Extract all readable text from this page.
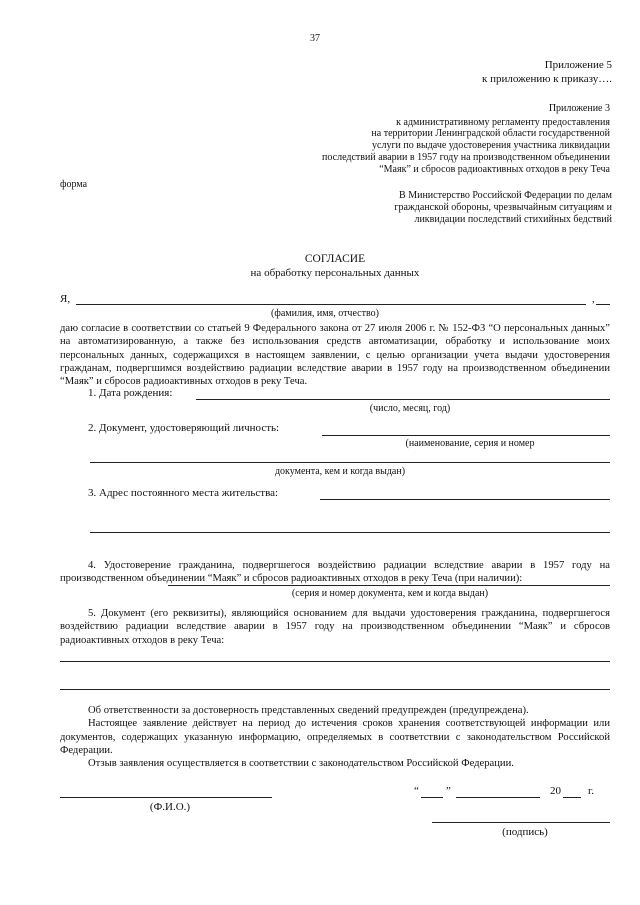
37
Приложение 5
к приложению к приказу….
Приложение 3
к административному регламенту предоставления
на территории Ленинградской области государственной
услуги по выдаче удостоверения участника ликвидации
последствий аварии в 1957 году на производственном объединении
“Маяк” и сбросов радиоактивных отходов в реку Теча
форма
В Министерство Российской Федерации по делам
гражданской обороны, чрезвычайным ситуациям и
ликвидации последствий стихийных бедствий
СОГЛАСИЕ
на обработку персональных данных
Я,	,
(фамилия, имя, отчество)

даю согласие в соответствии со статьей 9 Федерального закона от 27 июля 2006 г. № 152-ФЗ “О персональных данных” на автоматизированную, а также без использования средств автоматизации, обработку и использование моих персональных данных, содержащихся в настоящем заявлении, с целью организации учета выдачи удостоверения гражданам, подвергшимся воздействию радиации вследствие аварии в 1957 году на производственном объединении “Маяк” и сбросов радиоактивных отходов в реку Теча.

1. Дата рождения:
(число, месяц, год)
2. Документ, удостоверяющий личность:
(наименование, серия и номер
документа, кем и когда выдан)
3. Адрес постоянного места жительства:

4. Удостоверение гражданина, подвергшегося воздействию радиации вследствие аварии в 1957 году на производственном объединении “Маяк” и сбросов радиоактивных отходов в реку Теча (при наличии):

(серия и номер документа, кем и когда выдан)

5. Документ (его реквизиты), являющийся основанием для выдачи удостоверения гражданина, подвергшегося воздействию радиации вследствие аварии в 1957 году на производственном объединении “Маяк” и сбросов радиоактивных отходов в реку Теча:

Об ответственности за достоверность представленных сведений предупрежден (предупреждена).

Настоящее заявление действует на период до истечения сроков хранения соответствующей информации или документов, содержащих указанную информацию, определяемых в соответствии с законодательством Российской Федерации.

Отзыв заявления осуществляется в соответствии с законодательством Российской Федерации.

(Ф.И.О.)
“ ”	20 г.
(подпись)
